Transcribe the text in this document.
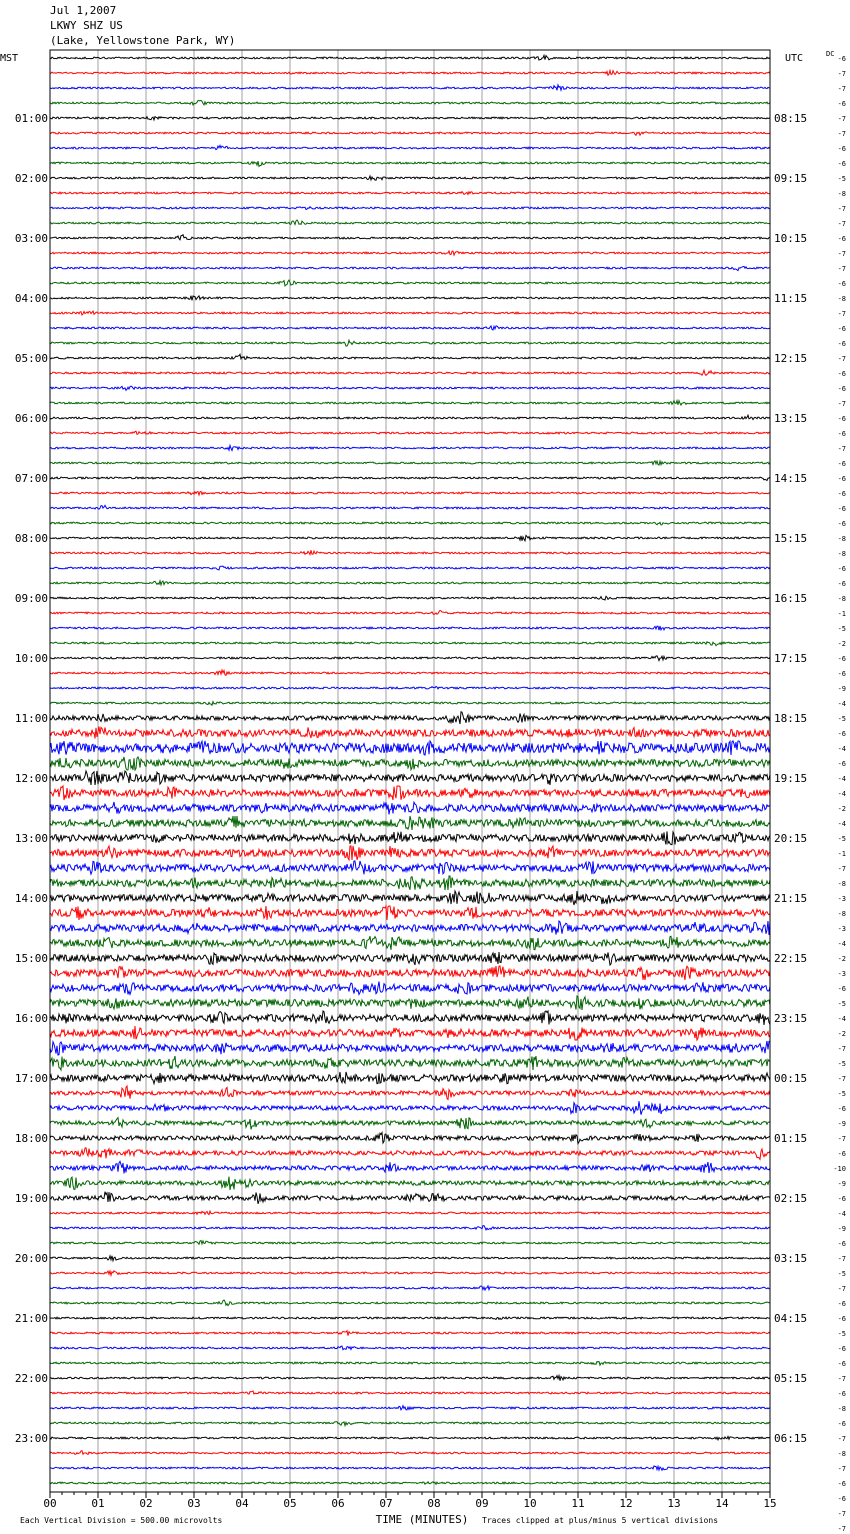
Jul 1,2007
LKWY SHZ US
(Lake, Yellowstone Park, WY)
MST	UTC	DC
01:00
02:00
03:00
04:00
05:00
06:00
07:00
08:00
09:00
10:00
11:00
12:00
13:00
14:00
15:00
16:00
17:00
18:00
19:00
20:00
21:00
22:00
23:00
08:15
09:15
10:15
11:15
12:15
13:15
14:15
15:15
16:15
17:15
18:15
19:15
20:15
21:15
22:15
23:15
00:15
01:15
02:15
03:15
04:15
05:15
06:15
-6
-7
-7
-6
-7
-7
-6
-6
-5
-8
-7
-7
-6
-7
-7
-6
-8
-7
-6
-6
-7
-6
-6
-7
-6
-6
-7
-6
-6
-6
-6
-6
-8
-8
-6
-6
-8
-1
-5
-2
-6
-6
-9
-4
-5
-6
-4
-6
-4
-4
-2
-4
-5
-1
-7
-8
-3
-8
-3
-4
-2
-3
-6
-5
-4
-2
-7
-5
-7
-5
-6
-9
-7
-6
-10
-9
-6
-4
-9
-6
-7
-5
-7
-6
-6
-5
-6
-6
-7
-6
-8
-6
-7
-8
-7
-6
-6
-7
-7
00	01	02	03	04	05	06	07	08	09	10	11	12	13	14	15
Each Vertical Division = 500.00 microvolts	TIME (MINUTES) Traces clipped at plus/minus 5 vertical divisions
